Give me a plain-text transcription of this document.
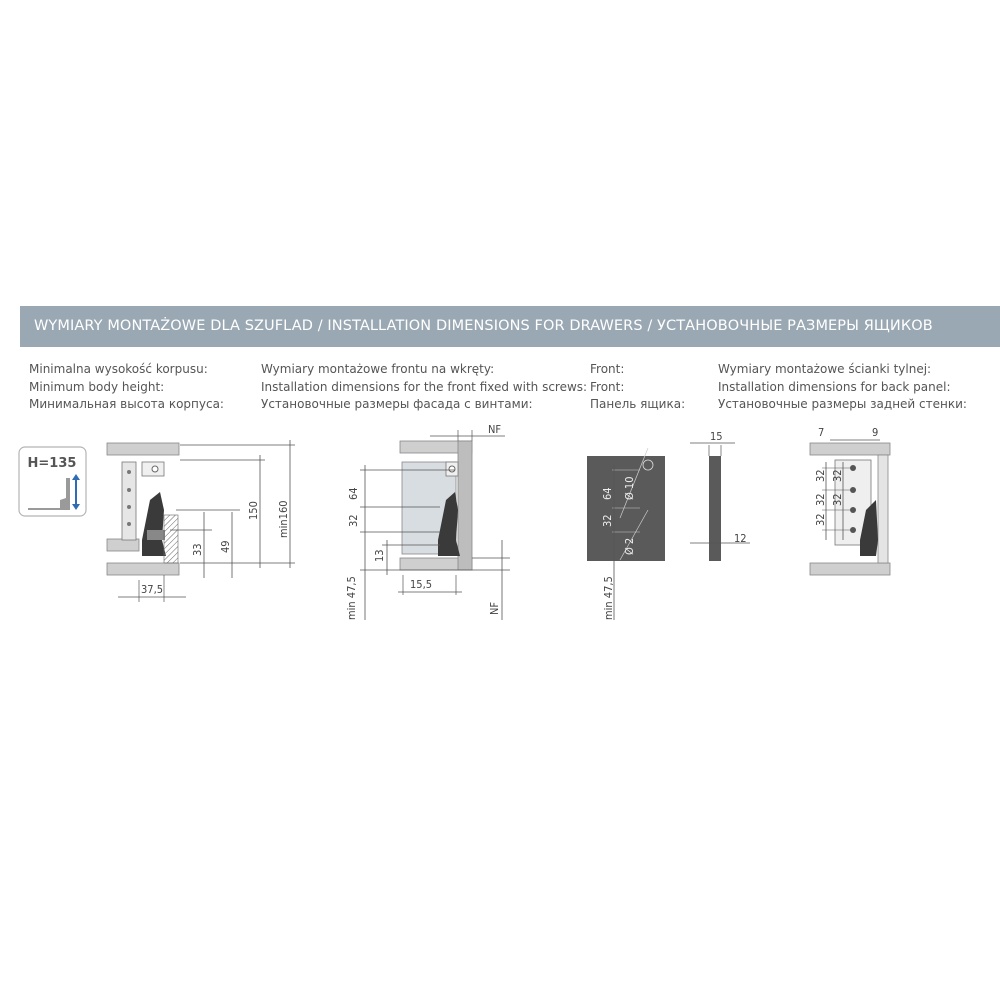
WYMIARY MONTAŻOWE DLA SZUFLAD / INSTALLATION DIMENSIONS FOR DRAWERS / УСТАНОВОЧНЫЕ РАЗМЕРЫ ЯЩИКОВ
Minimalna wysokość korpusu:
Minimum body height:
Минимальная высота корпуса:
Wymiary montażowe frontu na wkręty:
Installation dimensions for the front fixed with screws:
Установочные размеры фасада с винтами:
Front:
Front:
Панель ящика:
Wymiary montażowe ścianki tylnej:
Installation dimensions for back panel:
Установочные размеры задней стенки:
H=135
33 49
150 min160
37,5
NF
64
32
13
min 47,5	15,5
NF
64
32
Ø 10
Ø 2
min 47,5
15
12
7	9
32
32
32
32
32
